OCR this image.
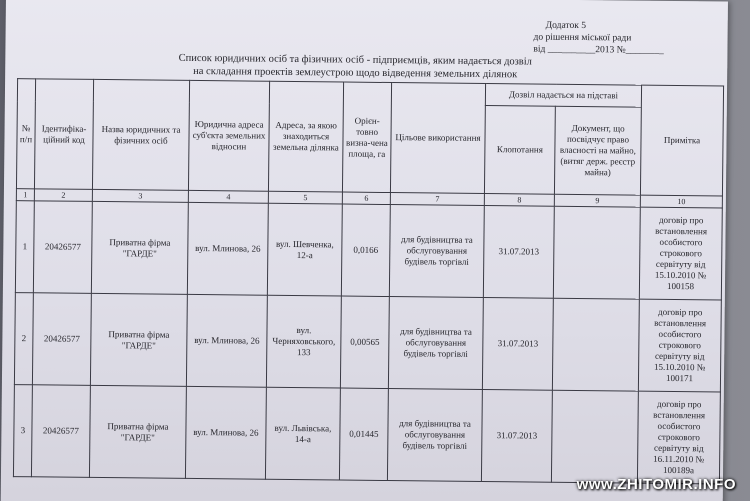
Додаток 5
до рішення міської ради
від __________2013 №________
Список юридичних осіб та фізичних осіб - підприємців, яким надається дозвіл
на складання проектів землеустрою щодо відведення земельних ділянок
№ п/п	Ідентифіка-ційний код	Назва юридичних та фізичних осіб	Юридична адреса суб'єкта земельних відносин	Адреса, за якою знаходиться земельна ділянка	Орієн-товно визна-чена площа, га	Цільове використання	Дозвіл надається на підставі		Примітка
							Клопотання	Документ, що посвідчує право власності на майно, (витяг держ. реєстр майна)	
1	2	3	4	5	6	7	8	9	10
1	20426577	Приватна фірма "ГАРДЕ"	вул. Млинова, 26	вул. Шевченка, 12-а	0,0166	для будівництва та обслуговування будівель торгівлі	31.07.2013		договір про встановлення особистого строкового сервітуту від 15.10.2010 № 100158
2	20426577	Приватна фірма "ГАРДЕ"	вул. Млинова, 26	вул. Черняховського, 133	0,00565	для будівництва та обслуговування будівель торгівлі	31.07.2013		договір про встановлення особистого строкового сервітуту від 15.10.2010 № 100171
3	20426577	Приватна фірма "ГАРДЕ"	вул. Млинова, 26	вул. Львівська, 14-а	0,01445	для будівництва та обслуговування будівель торгівлі	31.07.2013		договір про встановлення особистого строкового сервітуту від 16.11.2010 № 100189а
www.ZHITOMIR.INFO
